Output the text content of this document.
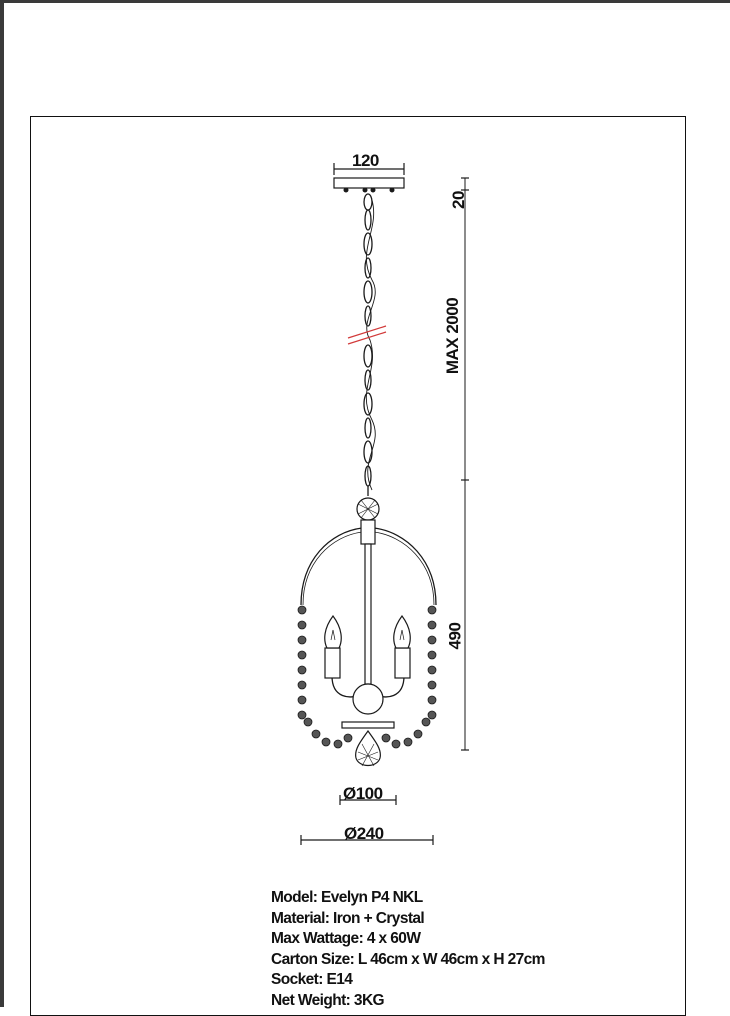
120
20
MAX 2000
490
Ø100
Ø240
Model: Evelyn P4 NKL
Material: Iron + Crystal
Max Wattage: 4 x 60W
Carton Size: L 46cm x W 46cm x H 27cm
Socket: E14
Net Weight: 3KG
